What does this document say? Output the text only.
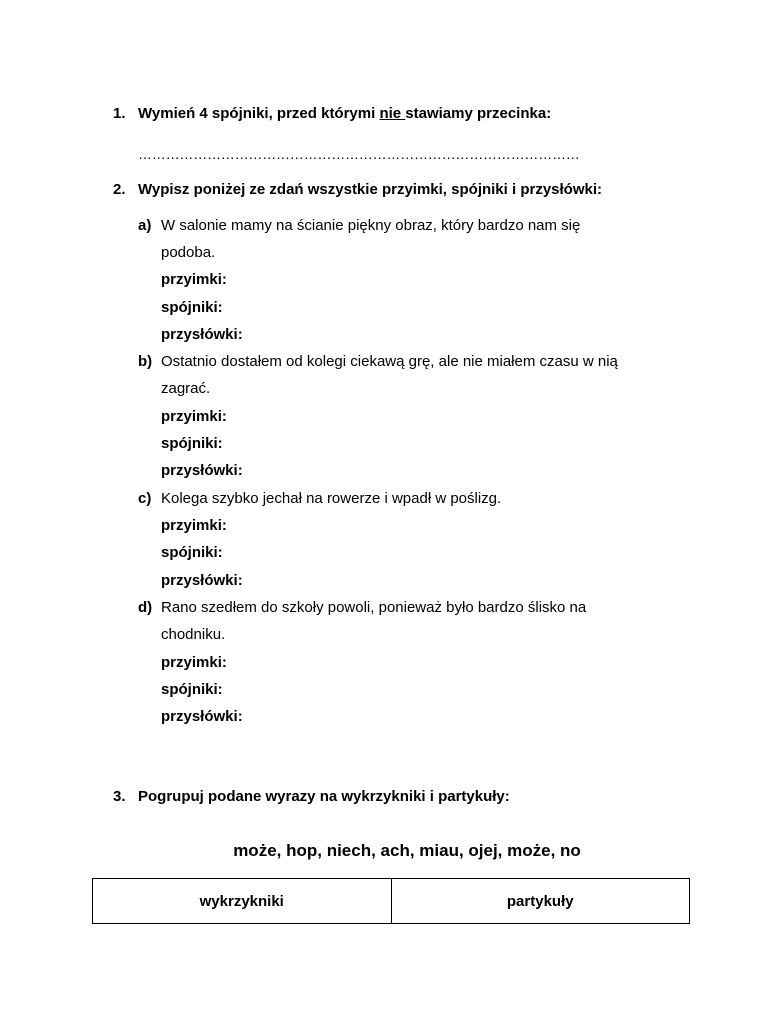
1. Wymień 4 spójniki, przed którymi nie stawiamy przecinka:
……………………………………………………………………………………
2. Wypisz poniżej ze zdań wszystkie przyimki, spójniki i przysłówki:
a) W salonie mamy na ścianie piękny obraz, który bardzo nam się
podoba.
przyimki:
spójniki:
przysłówki:
b) Ostatnio dostałem od kolegi ciekawą grę, ale nie miałem czasu w nią
zagrać.
przyimki:
spójniki:
przysłówki:
c) Kolega szybko jechał na rowerze i wpadł w poślizg.
przyimki:
spójniki:
przysłówki:
d) Rano szedłem do szkoły powoli, ponieważ było bardzo ślisko na
chodniku.
przyimki:
spójniki:
przysłówki:
3. Pogrupuj podane wyrazy na wykrzykniki i partykuły:
może, hop, niech, ach, miau, ojej, może, no
wykrzykniki	partykuły
